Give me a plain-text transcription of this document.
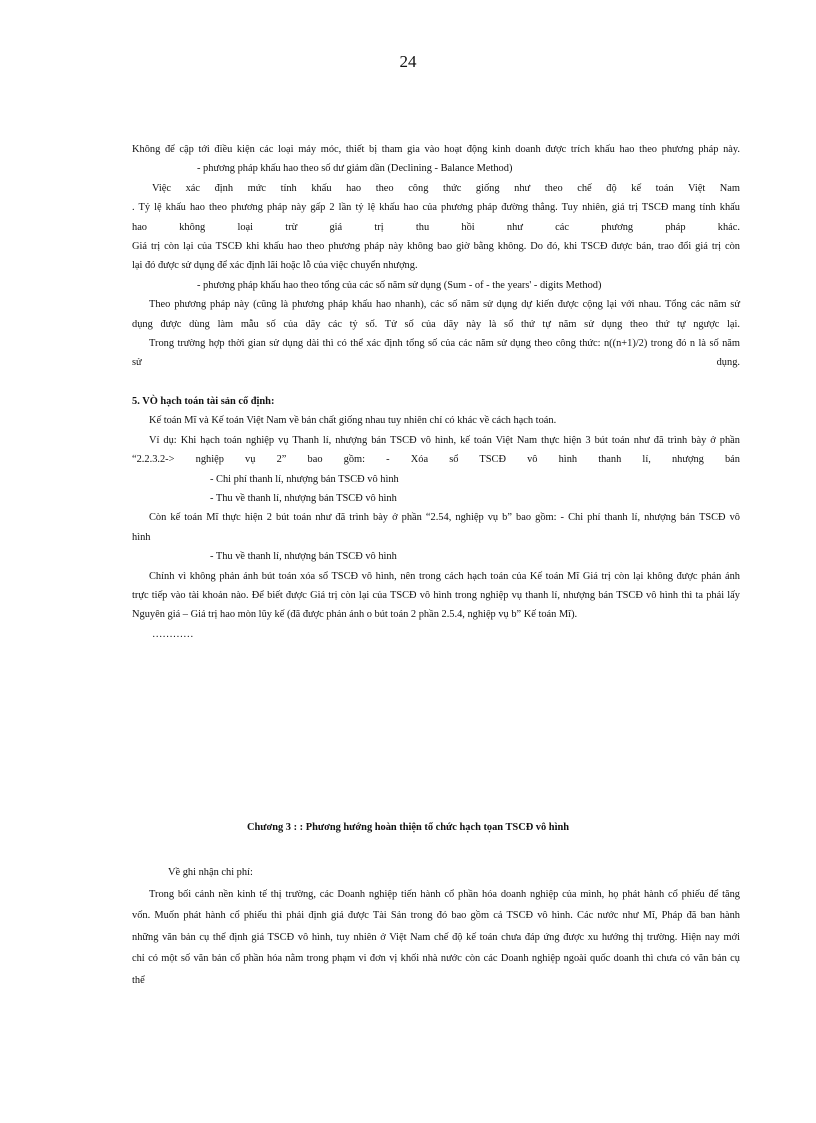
24

Không để cập tới điều kiện các loại máy móc, thiết bị tham gia vào hoạt động kinh doanh được trích khấu hao theo phương pháp này.

- phương pháp khấu hao theo số dư giảm dần (Declining - Balance Method)

Việc xác định mức tính khấu hao theo công thức giống như theo chế độ kế toán Việt Nam

. Tỷ lệ khấu hao theo phương pháp này gấp 2 lần tỷ lệ khấu hao của phương pháp đường thẳng. Tuy nhiên, giá trị TSCĐ mang tính khấu

hao không loại trừ giá trị thu hồi như các phương pháp khác.

Giá trị còn lại của TSCĐ khi khấu hao theo phương pháp này không bao giờ bằng không. Do đó, khi TSCĐ được bán, trao đổi giá trị còn

lại đó được sử dụng để xác định lãi hoặc lỗ của việc chuyển nhượng.

- phương pháp khấu hao theo tổng của các số năm sử dụng (Sum - of - the years' - digits Method)

Theo phương pháp này (cũng là phương pháp khấu hao nhanh), các số năm sử dụng dự kiến được cộng lại với nhau. Tổng các năm sử

dụng được dùng làm mẫu số của dãy các tỷ số. Tử số của dãy này là số thứ tự năm sử dụng theo thứ tự ngược lại.

Trong trường hợp thời gian sử dụng dài thì có thể xác định tổng số của các năm sử dụng theo công thức: n((n+1)/2) trong đó n là số năm

sử	dụng.

5. VÒ hạch toán tài sản cố định:

Kế toán Mĩ và Kế toán Việt Nam về bản chất giống nhau tuy nhiên chỉ có khác về cách hạch toán.

Ví dụ: Khi hạch toán nghiệp vụ Thanh lí, nhượng bán TSCĐ vô hình, kế toán Việt Nam thực hiện 3 bút toán như đã trình bày ở phần

“2.2.3.2-> nghiệp vụ 2” bao gồm: - Xóa sổ TSCĐ vô hình thanh lí, nhượng bán

- Chi phí thanh lí, nhượng bán TSCĐ vô hình

- Thu về thanh lí, nhượng bán TSCĐ vô hình

Còn kế toán Mĩ thực hiện 2 bút toán như đã trình bày ở phần “2.54, nghiệp vụ b” bao gồm: - Chi phí thanh lí, nhượng bán TSCĐ vô

hình

- Thu về thanh lí, nhượng bán TSCĐ vô hình

Chính vì không phản ánh bút toán xóa sổ TSCĐ vô hình, nên trong cách hạch toán của Kế toán Mĩ Giá trị còn lại không được phản ánh

trực tiếp vào tài khoản nào. Để biết được Giá trị còn lại của TSCĐ vô hình trong nghiệp vụ thanh lí, nhượng bán TSCĐ vô hình thì ta phải lấy

Nguyên giá – Giá trị hao mòn lũy kế (đã được phản ánh o bút toán 2 phần 2.5.4, nghiệp vụ b” Kế toán Mĩ).

…………

Chương 3 : : Phương hướng hoàn thiện tổ chức hạch tọan TSCĐ vô hình

Về ghi nhận chi phí:

Trong bối cảnh nền kinh tế thị trường, các Doanh nghiệp tiến hành cổ phần hóa doanh nghiệp của mình, họ phát hành cổ phiếu để tăng

vốn. Muốn phát hành cổ phiếu thì phải định giá được Tài Sản trong đó bao gồm cả TSCĐ vô hình. Các nước như Mĩ, Pháp đã ban hành

những văn bản cụ thể định giá TSCĐ vô hình, tuy nhiên ở Việt Nam chế độ kế toán chưa đáp ứng được xu hướng thị trường. Hiện nay mới

chỉ có một số văn bản cổ phần hóa nằm trong phạm vi đơn vị khối nhà nước còn các Doanh nghiệp ngoài quốc doanh thì chưa có văn bản cụ

thể
